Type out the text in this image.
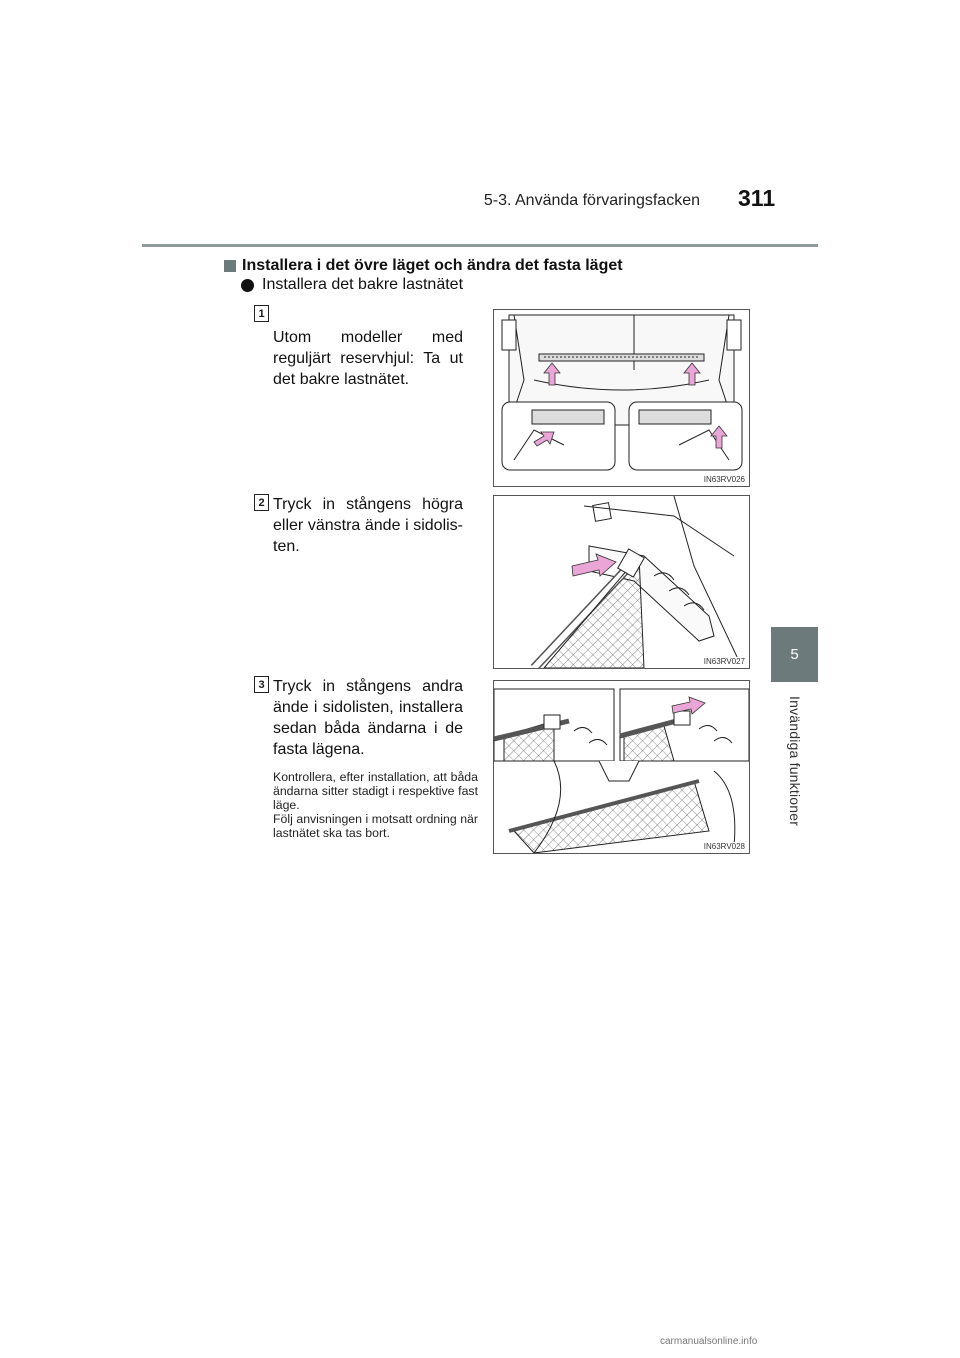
5-3. Använda förvaringsfacken 311
5
Invändiga funktioner
Installera i det övre läget och ändra det fasta läget
Installera det bakre lastnätet
1
Utom modeller med reguljärt reservhjul: Ta ut det bakre lastnätet.
IN63RV026
2 Tryck in stångens högra eller vänstra ände i sidolis-ten.
IN63RV027
3 Tryck in stångens andra ände i sidolisten, installera sedan båda ändarna i de fasta lägena.
Kontrollera, efter installation, att båda ändarna sitter stadigt i respektive fast läge.
Följ anvisningen i motsatt ordning när lastnätet ska tas bort.
IN63RV028
carmanualsonline.info
